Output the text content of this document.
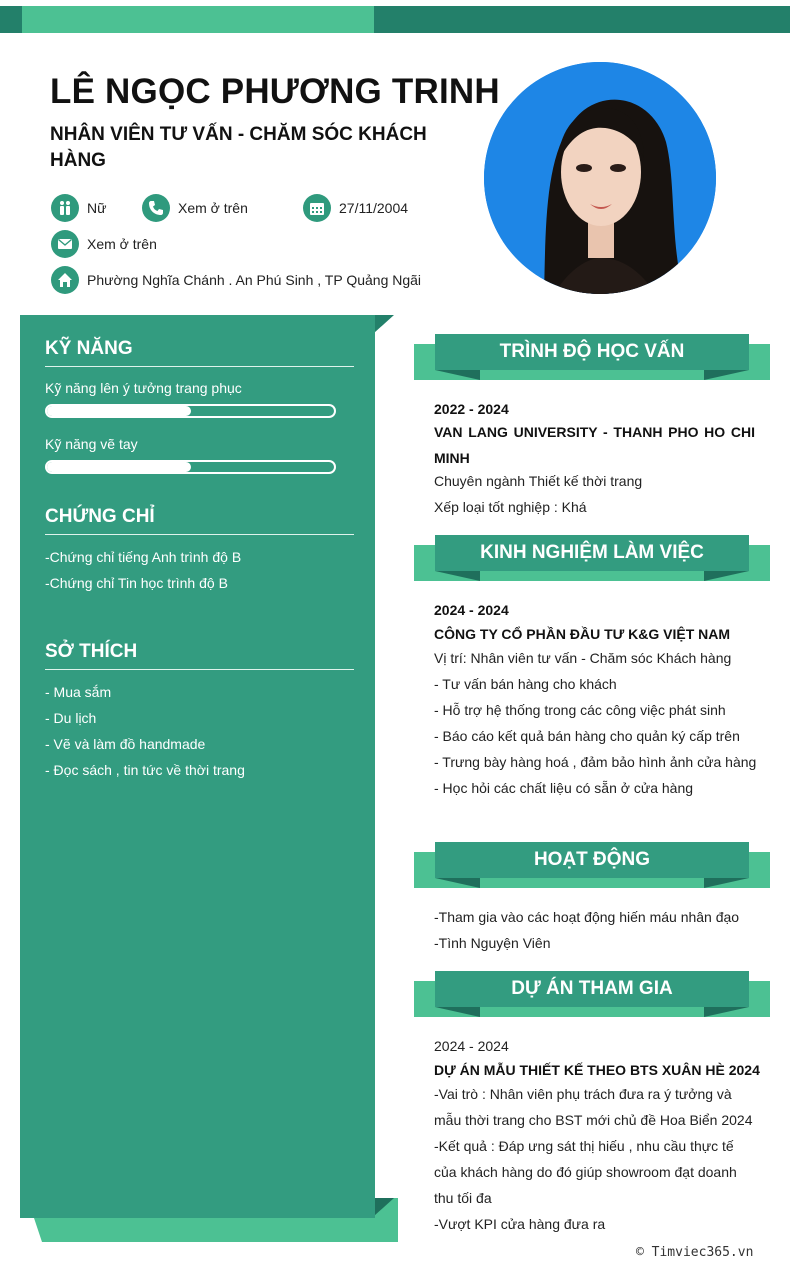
LÊ NGỌC PHƯƠNG TRINH
NHÂN VIÊN TƯ VẤN - CHĂM SÓC KHÁCH HÀNG
Nữ	Xem ở trên	27/11/2004
Xem ở trên
Phường Nghĩa Chánh . An Phú Sinh , TP Quảng Ngãi
KỸ NĂNG
Kỹ năng lên ý tưởng trang phục
Kỹ năng vẽ tay
CHỨNG CHỈ
-Chứng chỉ tiếng Anh trình độ B
-Chứng chỉ Tin học trình độ B
SỞ THÍCH
- Mua sắm
- Du lịch
- Vẽ và làm đồ handmade
- Đọc sách , tin tức về thời trang
TRÌNH ĐỘ HỌC VẤN
2022 - 2024
VAN LANG UNIVERSITY - THANH PHO HO CHI MINH
Chuyên ngành Thiết kế thời trang
Xếp loại tốt nghiệp : Khá
KINH NGHIỆM LÀM VIỆC
2024 - 2024
CÔNG TY CỔ PHẦN ĐẦU TƯ K&G VIỆT NAM
Vị trí: Nhân viên tư vấn - Chăm sóc Khách hàng
- Tư vấn bán hàng cho khách
- Hỗ trợ hệ thống trong các công việc phát sinh
- Báo cáo kết quả bán hàng cho quản ký cấp trên
- Trưng bày hàng hoá , đảm bảo hình ảnh cửa hàng
- Học hỏi các chất liệu có sẵn ở cửa hàng
HOẠT ĐỘNG
-Tham gia vào các hoạt động hiến máu nhân đạo
-Tình Nguyện Viên
DỰ ÁN THAM GIA
2024 - 2024
DỰ ÁN MẪU THIẾT KẾ THEO BTS XUÂN HÈ 2024
-Vai trò : Nhân viên phụ trách đưa ra ý tưởng và mẫu thời trang cho BST mới chủ đề Hoa Biển 2024
-Kết quả : Đáp ưng sát thị hiếu , nhu cầu thực tế của khách hàng do đó giúp showroom đạt doanh thu tối đa
-Vượt KPI cửa hàng đưa ra
© Timviec365.vn
